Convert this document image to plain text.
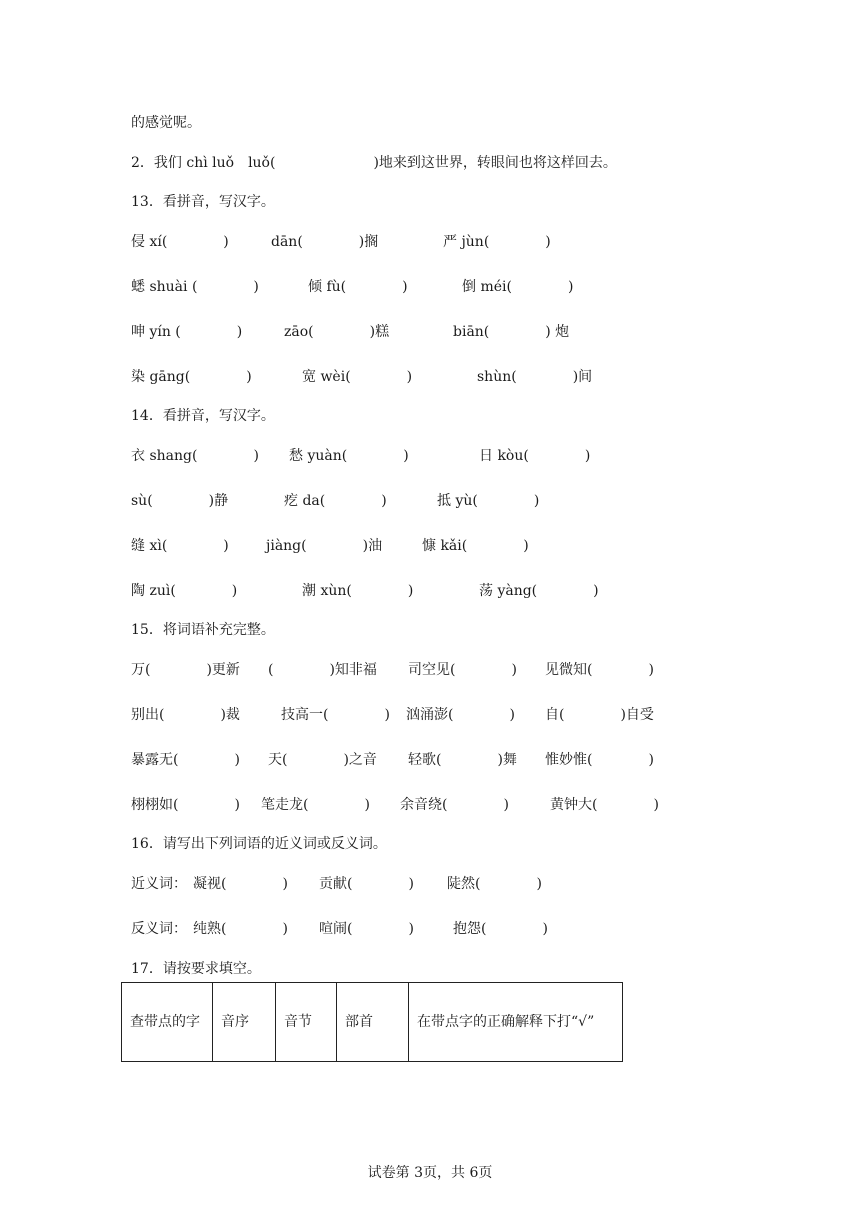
的感觉呢。
2．我们 chì luǒ　luǒ(　　　　　　　)地来到这世界，转眼间也将这样回去。
13．看拼音，写汉字。
侵 xí(　　　　)	dān(　　　　)搁	严 jùn(　　　　)
蟋 shuài (　　　　)	倾 fù(　　　　)	倒 méi(　　　　)
呻 yín (　　　　)	zāo(　　　　)糕	biān(　　　　) 炮
染 gāng(　　　　)	宽 wèi(　　　　)	shùn(　　　　)间
14．看拼音，写汉字。
衣 shang(　　　　) 愁 yuàn(　　　　)	日 kòu(　　　　)
sù(　　　　)静	疙 da(　　　　)	抵 yù(　　　　)
缝 xì(　　　　)	jiàng(　　　　)油	慷 kǎi(　　　　)
陶 zuì(　　　　)	潮 xùn(　　　　)	荡 yàng(　　　　)
15．将词语补充完整。
万(　　　　)更新 (　　　　)知非福 司空见(　　　　) 见微知(　　　　)
别出(　　　　)裁	技高一(　　　　) 汹涌澎(　　　　) 自(　　　　)自受
暴露无(　　　　) 天(　　　　)之音 轻歌(　　　　)舞 惟妙惟(　　　　)
栩栩如(　　　　) 笔走龙(　　　　) 余音绕(　　　　)	黄钟大(　　　　)
16．请写出下列词语的近义词或反义词。
近义词： 凝视(　　　　) 贡献(　　　　) 陡然(　　　　)
反义词： 纯熟(　　　　) 喧闹(　　　　)	抱怨(　　　　)
17．请按要求填空。
查带点的字	音序	音节	部首	在带点字的正确解释下打“√”
试卷第 3页，共 6页
